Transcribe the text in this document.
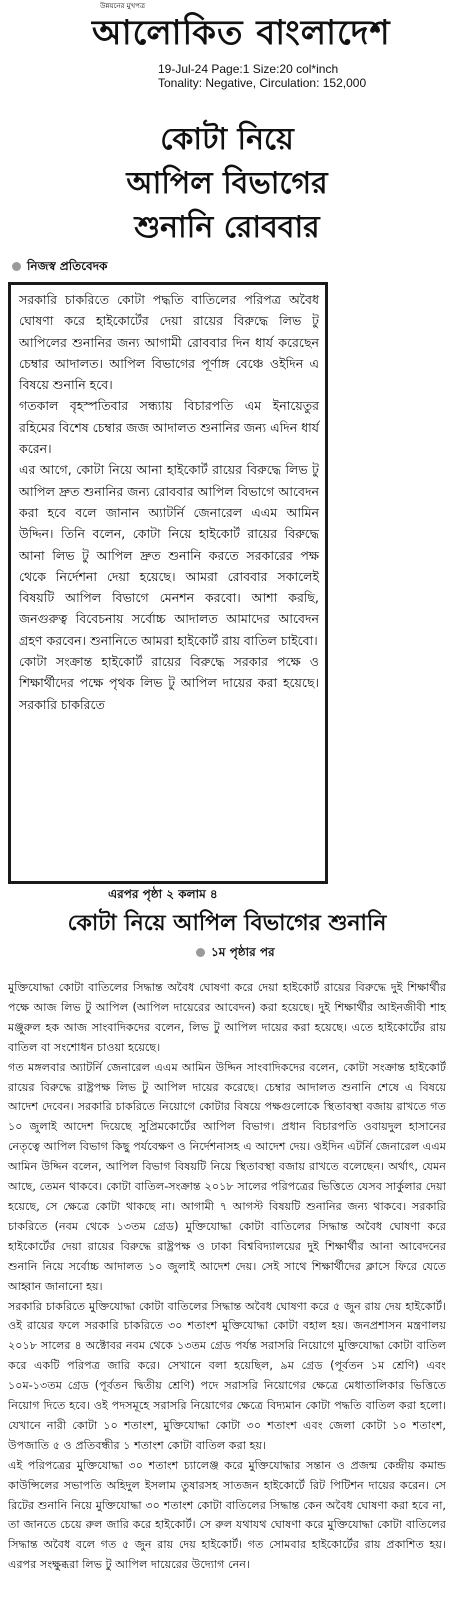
উন্নয়নের মুখপত্র
আলোকিত বাংলাদেশ
19-Jul-24 Page:1 Size:20 col*inch
Tonality: Negative, Circulation: 152,000
কোটা নিয়ে
আপিল বিভাগের
শুনানি রোববার
নিজস্ব প্রতিবেদক

সরকারি চাকরিতে কোটা পদ্ধতি বাতিলের পরিপত্র অবৈধ ঘোষণা করে হাইকোর্টের দেয়া রায়ের বিরুদ্ধে লিভ টু আপিলের শুনানির জন্য আগামী রোববার দিন ধার্য করেছেন চেম্বার আদালত। আপিল বিভাগের পূর্ণাঙ্গ বেঞ্চে ওইদিন এ বিষয়ে শুনানি হবে।

গতকাল বৃহস্পতিবার সন্ধ্যায় বিচারপতি এম ইনায়েতুর রহিমের বিশেষ চেম্বার জজ আদালত শুনানির জন্য এদিন ধার্য করেন।

এর আগে, কোটা নিয়ে আনা হাইকোর্ট রায়ের বিরুদ্ধে লিভ টু আপিল দ্রুত শুনানির জন্য রোববার আপিল বিভাগে আবেদন করা হবে বলে জানান অ্যাটর্নি জেনারেল এএম আমিন উদ্দিন। তিনি বলেন, কোটা নিয়ে হাইকোর্ট রায়ের বিরুদ্ধে আনা লিভ টু আপিল দ্রুত শুনানি করতে সরকারের পক্ষ থেকে নির্দেশনা দেয়া হয়েছে। আমরা রোববার সকালেই বিষয়টি আপিল বিভাগে মেনশন করবো। আশা করছি, জনগুরুত্ব বিবেচনায় সর্বোচ্চ আদালত আমাদের আবেদন গ্রহণ করবেন। শুনানিতে আমরা হাইকোর্ট রায় বাতিল চাইবো।

কোটা সংক্রান্ত হাইকোর্ট রায়ের বিরুদ্ধে সরকার পক্ষে ও শিক্ষার্থীদের পক্ষে পৃথক লিভ টু আপিল দায়ের করা হয়েছে। সরকারি চাকরিতে

এরপর পৃষ্ঠা ২ কলাম ৪
কোটা নিয়ে আপিল বিভাগের শুনানি
১ম পৃষ্ঠার পর

মুক্তিযোদ্ধা কোটা বাতিলের সিদ্ধান্ত অবৈধ ঘোষণা করে দেয়া হাইকোর্ট রায়ের বিরুদ্ধে দুই শিক্ষার্থীর পক্ষে আজ লিভ টু আপিল (আপিল দায়েরের আবেদন) করা হয়েছে। দুই শিক্ষার্থীর আইনজীবী শাহ মঞ্জুরুল হক আজ সাংবাদিকদের বলেন, লিভ টু আপিল দায়ের করা হয়েছে। এতে হাইকোর্টের রায় বাতিল বা সংশোধন চাওয়া হয়েছে।

গত মঙ্গলবার অ্যাটর্নি জেনারেল এএম আমিন উদ্দিন সাংবাদিকদের বলেন, কোটা সংক্রান্ত হাইকোর্ট রায়ের বিরুদ্ধে রাষ্ট্রপক্ষ লিভ টু আপিল দায়ের করেছে। চেম্বার আদালত শুনানি শেষে এ বিষয়ে আদেশ দেবেন। সরকারি চাকরিতে নিয়োগে কোটার বিষয়ে পক্ষগুলোকে স্থিতাবস্থা বজায় রাখতে গত ১০ জুলাই আদেশ দিয়েছে সুপ্রিমকোর্টের আপিল বিভাগ। প্রধান বিচারপতি ওবায়দুল হাসানের নেতৃত্বে আপিল বিভাগ কিছু পর্যবেক্ষণ ও নির্দেশনাসহ এ আদেশ দেয়। ওইদিন এটর্নি জেনারেল এএম আমিন উদ্দিন বলেন, আপিল বিভাগ বিষয়টি নিয়ে স্থিতাবস্থা বজায় রাখতে বলেছেন। অর্থাৎ, যেমন আছে, তেমন থাকবে। কোটা বাতিল-সংক্রান্ত ২০১৮ সালের পরিপত্রের ভিত্তিতে যেসব সার্কুলার দেয়া হয়েছে, সে ক্ষেত্রে কোটা থাকছে না। আগামী ৭ আগস্ট বিষয়টি শুনানির জন্য থাকবে। সরকারি চাকরিতে (নবম থেকে ১৩তম গ্রেড) মুক্তিযোদ্ধা কোটা বাতিলের সিদ্ধান্ত অবৈধ ঘোষণা করে হাইকোর্টের দেয়া রায়ের বিরুদ্ধে রাষ্ট্রপক্ষ ও ঢাকা বিশ্ববিদ্যালয়ের দুই শিক্ষার্থীর আনা আবেদনের শুনানি নিয়ে সর্বোচ্চ আদালত ১০ জুলাই আদেশ দেয়। সেই সাথে শিক্ষার্থীদের ক্লাসে ফিরে যেতে আহ্বান জানানো হয়।

সরকারি চাকরিতে মুক্তিযোদ্ধা কোটা বাতিলের সিদ্ধান্ত অবৈধ ঘোষণা করে ৫ জুন রায় দেয় হাইকোর্ট। ওই রায়ের ফলে সরকারি চাকরিতে ৩০ শতাংশ মুক্তিযোদ্ধা কোটা বহাল হয়। জনপ্রশাসন মন্ত্রণালয় ২০১৮ সালের ৪ অক্টোবর নবম থেকে ১৩তম গ্রেড পর্যন্ত সরাসরি নিয়োগে মুক্তিযোদ্ধা কোটা বাতিল করে একটি পরিপত্র জারি করে। সেখানে বলা হয়েছিল, ৯ম গ্রেড (পূর্বতন ১ম শ্রেণি) এবং ১০ম-১৩তম গ্রেড (পূর্বতন দ্বিতীয় শ্রেণি) পদে সরাসরি নিয়োগের ক্ষেত্রে মেধাতালিকার ভিত্তিতে নিয়োগ দিতে হবে। ওই পদসমূহে সরাসরি নিয়োগের ক্ষেত্রে বিদ্যমান কোটা পদ্ধতি বাতিল করা হলো। যেখানে নারী কোটা ১০ শতাংশ, মুক্তিযোদ্ধা কোটা ৩০ শতাংশ এবং জেলা কোটা ১০ শতাংশ, উপজাতি ৫ ও প্রতিবন্ধীর ১ শতাংশ কোটা বাতিল করা হয়।

এই পরিপত্রের মুক্তিযোদ্ধা ৩০ শতাংশ চ্যালেঞ্জ করে মুক্তিযোদ্ধার সন্তান ও প্রজন্ম কেন্দ্রীয় কমান্ড কাউন্সিলের সভাপতি অহিদুল ইসলাম তুষারসহ সাতজন হাইকোর্টে রিট পিটিশন দায়ের করেন। সে রিটের শুনানি নিয়ে মুক্তিযোদ্ধা ৩০ শতাংশ কোটা বাতিলের সিদ্ধান্ত কেন অবৈধ ঘোষণা করা হবে না, তা জানতে চেয়ে রুল জারি করে হাইকোর্ট। সে রুল যথাযথ ঘোষণা করে মুক্তিযোদ্ধা কোটা বাতিলের সিদ্ধান্ত অবৈধ বলে গত ৫ জুন রায় দেয় হাইকোর্ট। গত সোমবার হাইকোর্টের রায় প্রকাশিত হয়। এরপর সংক্ষুব্ধরা লিভ টু আপিল দায়েরের উদ্যোগ নেন।
